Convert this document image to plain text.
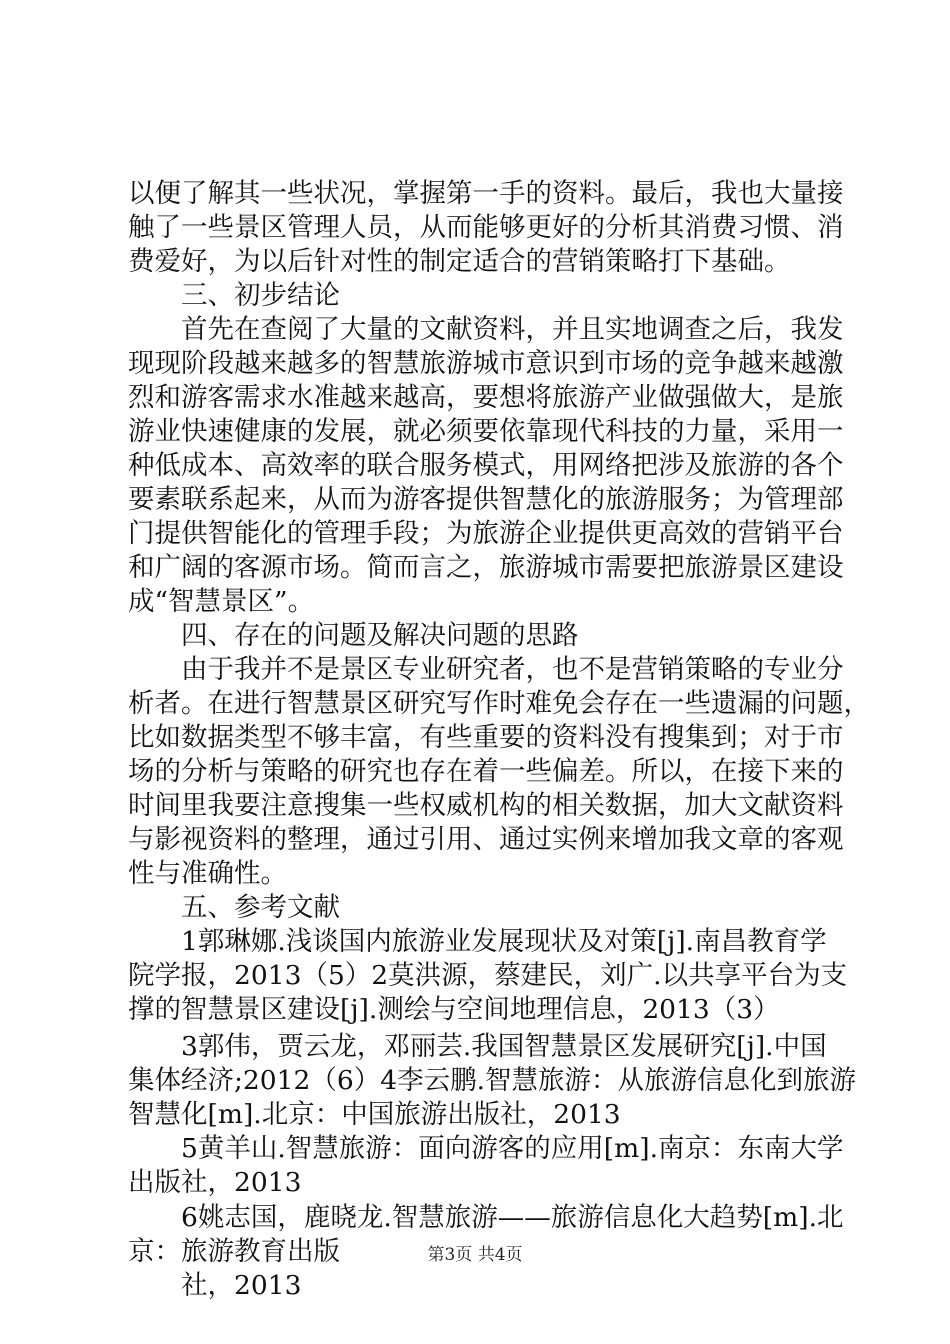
以便了解其一些状况，掌握第一手的资料。最后，我也大量接
触了一些景区管理人员，从而能够更好的分析其消费习惯、消
费爱好，为以后针对性的制定适合的营销策略打下基础。
　　三、初步结论
　　首先在查阅了大量的文献资料，并且实地调查之后，我发
现现阶段越来越多的智慧旅游城市意识到市场的竞争越来越激
烈和游客需求水准越来越高，要想将旅游产业做强做大，是旅
游业快速健康的发展，就必须要依靠现代科技的力量，采用一
种低成本、高效率的联合服务模式，用网络把涉及旅游的各个
要素联系起来，从而为游客提供智慧化的旅游服务；为管理部
门提供智能化的管理手段；为旅游企业提供更高效的营销平台
和广阔的客源市场。简而言之，旅游城市需要把旅游景区建设
成“智慧景区”。
　　四、存在的问题及解决问题的思路
　　由于我并不是景区专业研究者，也不是营销策略的专业分
析者。在进行智慧景区研究写作时难免会存在一些遗漏的问题，
比如数据类型不够丰富，有些重要的资料没有搜集到；对于市
场的分析与策略的研究也存在着一些偏差。所以，在接下来的
时间里我要注意搜集一些权威机构的相关数据，加大文献资料
与影视资料的整理，通过引用、通过实例来增加我文章的客观
性与准确性。
　　五、参考文献
　　1郭琳娜.浅谈国内旅游业发展现状及对策[j].南昌教育学
院学报，2013（5）2莫洪源，蔡建民，刘广.以共享平台为支
撑的智慧景区建设[j].测绘与空间地理信息，2013（3）
　　3郭伟，贾云龙，邓丽芸.我国智慧景区发展研究[j].中国
集体经济;2012（6）4李云鹏.智慧旅游：从旅游信息化到旅游
智慧化[m].北京：中国旅游出版社，2013
　　5黄羊山.智慧旅游：面向游客的应用[m].南京：东南大学
出版社，2013
　　6姚志国，鹿晓龙.智慧旅游——旅游信息化大趋势[m].北
京：旅游教育出版
　　社，2013
第3页 共4页
